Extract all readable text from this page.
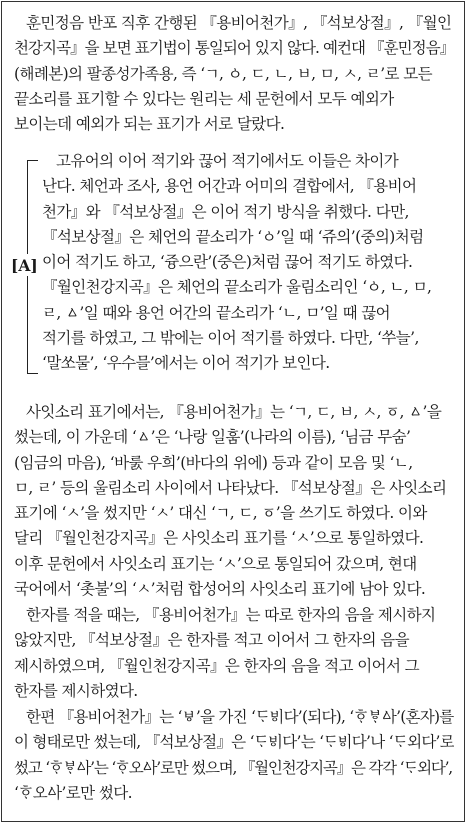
훈민정음 반포 직후 간행된 『용비어천가』, 『석보상절』, 『월인
천강지곡』을 보면 표기법이 통일되어 있지 않다. 예컨대 『훈민정음』
(해례본)의 팔종성가족용, 즉 ‘ㄱ, ㆁ, ㄷ, ㄴ, ㅂ, ㅁ, ㅅ, ㄹ’로 모든
끝소리를 표기할 수 있다는 원리는 세 문헌에서 모두 예외가
보이는데 예외가 되는 표기가 서로 달랐다.
[A]
고유어의 이어 적기와 끊어 적기에서도 이들은 차이가
난다. 체언과 조사, 용언 어간과 어미의 결합에서, 『용비어
천가』와 『석보상절』은 이어 적기 방식을 취했다. 다만,
『석보상절』은 체언의 끝소리가 ‘ㆁ’일 때 ‘쥬의’(중의)처럼
이어 적기도 하고, ‘즁으란’(중은)처럼 끊어 적기도 하였다.
『월인천강지곡』은 체언의 끝소리가 울림소리인 ‘ㆁ, ㄴ, ㅁ,
ㄹ, ㅿ’일 때와 용언 어간의 끝소리가 ‘ㄴ, ㅁ’일 때 끊어
적기를 하였고, 그 밖에는 이어 적기를 하였다. 다만, ‘쑤늘’,
‘말쏘물’, ‘우수믈’에서는 이어 적기가 보인다.
사잇소리 표기에서는, 『용비어천가』는 ‘ㄱ, ㄷ, ㅂ, ㅅ, ㆆ, ㅿ’을
썼는데, 이 가운데 ‘ㅿ’은 ‘나랑 일훔’(나라의 이름), ‘님금 무숨’
(임금의 마음), ‘바룴 우희’(바다의 위에) 등과 같이 모음 및 ‘ㄴ,
ㅁ, ㄹ’ 등의 울림소리 사이에서 나타났다. 『석보상절』은 사잇소리
표기에 ‘ㅅ’을 썼지만 ‘ㅅ’ 대신 ‘ㄱ, ㄷ, ㆆ’을 쓰기도 하였다. 이와
달리 『월인천강지곡』은 사잇소리 표기를 ‘ㅅ’으로 통일하였다.
이후 문헌에서 사잇소리 표기는 ‘ㅅ’으로 통일되어 갔으며, 현대
국어에서 ‘촛불’의 ‘ㅅ’처럼 합성어의 사잇소리 표기에 남아 있다.
한자를 적을 때는, 『용비어천가』는 따로 한자의 음을 제시하지
않았지만, 『석보상절』은 한자를 적고 이어서 그 한자의 음을
제시하였으며, 『월인천강지곡』은 한자의 음을 적고 이어서 그
한자를 제시하였다.
한편 『용비어천가』는 ‘ㅸ’을 가진 ‘ᄃᆞᄫᅵ다’(되다), ‘ᄒᆞᄫᆞᅀᅡ’(혼자)를
이 형태로만 썼는데, 『석보상절』은 ‘ᄃᆞᄫᅵ다’는 ‘ᄃᆞᄫᅵ다’나 ‘ᄃᆞ외다’로
썼고 ‘ᄒᆞᄫᆞᅀᅡ’는 ‘ᄒᆞ오ᅀᅡ’로만 썼으며, 『월인천강지곡』은 각각 ‘ᄃᆞ외다’,
‘ᄒᆞ오ᅀᅡ’로만 썼다.
